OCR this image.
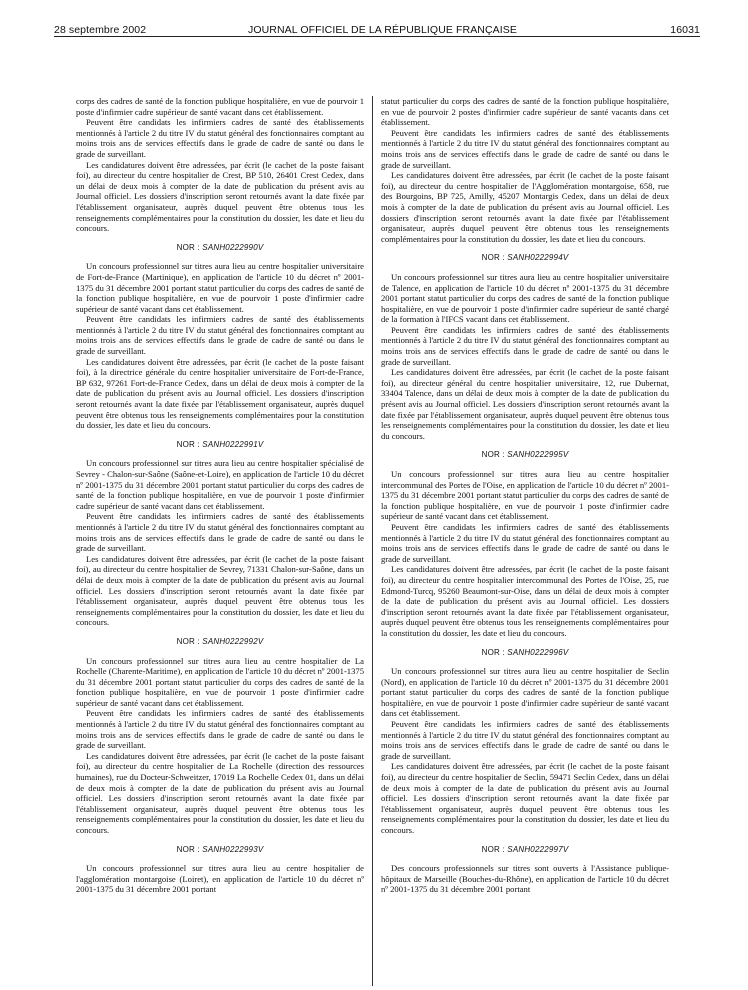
28 septembre 2002	JOURNAL OFFICIEL DE LA RÉPUBLIQUE FRANÇAISE	16031

corps des cadres de santé de la fonction publique hospitalière, en vue de pourvoir 1 poste d'infirmier cadre supérieur de santé vacant dans cet établissement.

Peuvent être candidats les infirmiers cadres de santé des établissements mentionnés à l'article 2 du titre IV du statut général des fonctionnaires comptant au moins trois ans de services effectifs dans le grade de cadre de santé ou dans le grade de surveillant.

Les candidatures doivent être adressées, par écrit (le cachet de la poste faisant foi), au directeur du centre hospitalier de Crest, BP 510, 26401 Crest Cedex, dans un délai de deux mois à compter de la date de publication du présent avis au Journal officiel. Les dossiers d'inscription seront retournés avant la date fixée par l'établissement organisateur, auprès duquel peuvent être obtenus tous les renseignements complémentaires pour la constitution du dossier, les date et lieu du concours.

NOR : SANH0222990V

Un concours professionnel sur titres aura lieu au centre hospitalier universitaire de Fort-de-France (Martinique), en application de l'article 10 du décret nº 2001-1375 du 31 décembre 2001 portant statut particulier du corps des cadres de santé de la fonction publique hospitalière, en vue de pourvoir 1 poste d'infirmier cadre supérieur de santé vacant dans cet établissement.

Peuvent être candidats les infirmiers cadres de santé des établissements mentionnés à l'article 2 du titre IV du statut général des fonctionnaires comptant au moins trois ans de services effectifs dans le grade de cadre de santé ou dans le grade de surveillant.

Les candidatures doivent être adressées, par écrit (le cachet de la poste faisant foi), à la directrice générale du centre hospitalier universitaire de Fort-de-France, BP 632, 97261 Fort-de-France Cedex, dans un délai de deux mois à compter de la date de publication du présent avis au Journal officiel. Les dossiers d'inscription seront retournés avant la date fixée par l'établissement organisateur, auprès duquel peuvent être obtenus tous les renseignements complémentaires pour la constitution du dossier, les date et lieu du concours.

NOR : SANH0222991V

Un concours professionnel sur titres aura lieu au centre hospitalier spécialisé de Sevrey - Chalon-sur-Saône (Saône-et-Loire), en application de l'article 10 du décret nº 2001-1375 du 31 décembre 2001 portant statut particulier du corps des cadres de santé de la fonction publique hospitalière, en vue de pourvoir 1 poste d'infirmier cadre supérieur de santé vacant dans cet établissement.

Peuvent être candidats les infirmiers cadres de santé des établissements mentionnés à l'article 2 du titre IV du statut général des fonctionnaires comptant au moins trois ans de services effectifs dans le grade de cadre de santé ou dans le grade de surveillant.

Les candidatures doivent être adressées, par écrit (le cachet de la poste faisant foi), au directeur du centre hospitalier de Sevrey, 71331 Chalon-sur-Saône, dans un délai de deux mois à compter de la date de publication du présent avis au Journal officiel. Les dossiers d'inscription seront retournés avant la date fixée par l'établissement organisateur, auprès duquel peuvent être obtenus tous les renseignements complémentaires pour la constitution du dossier, les date et lieu du concours.

NOR : SANH0222992V

Un concours professionnel sur titres aura lieu au centre hospitalier de La Rochelle (Charente-Maritime), en application de l'article 10 du décret nº 2001-1375 du 31 décembre 2001 portant statut particulier du corps des cadres de santé de la fonction publique hospitalière, en vue de pourvoir 1 poste d'infirmier cadre supérieur de santé vacant dans cet établissement.

Peuvent être candidats les infirmiers cadres de santé des établissements mentionnés à l'article 2 du titre IV du statut général des fonctionnaires comptant au moins trois ans de services effectifs dans le grade de cadre de santé ou dans le grade de surveillant.

Les candidatures doivent être adressées, par écrit (le cachet de la poste faisant foi), au directeur du centre hospitalier de La Rochelle (direction des ressources humaines), rue du Docteur-Schweitzer, 17019 La Rochelle Cedex 01, dans un délai de deux mois à compter de la date de publication du présent avis au Journal officiel. Les dossiers d'inscription seront retournés avant la date fixée par l'établissement organisateur, auprès duquel peuvent être obtenus tous les renseignements complémentaires pour la constitution du dossier, les date et lieu du concours.

NOR : SANH0222993V

Un concours professionnel sur titres aura lieu au centre hospitalier de l'agglomération montargoise (Loiret), en application de l'article 10 du décret nº 2001-1375 du 31 décembre 2001 portant

statut particulier du corps des cadres de santé de la fonction publique hospitalière, en vue de pourvoir 2 postes d'infirmier cadre supérieur de santé vacants dans cet établissement.

Peuvent être candidats les infirmiers cadres de santé des établissements mentionnés à l'article 2 du titre IV du statut général des fonctionnaires comptant au moins trois ans de services effectifs dans le grade de cadre de santé ou dans le grade de surveillant.

Les candidatures doivent être adressées, par écrit (le cachet de la poste faisant foi), au directeur du centre hospitalier de l'Agglomération montargoise, 658, rue des Bourgoins, BP 725, Amilly, 45207 Montargis Cedex, dans un délai de deux mois à compter de la date de publication du présent avis au Journal officiel. Les dossiers d'inscription seront retournés avant la date fixée par l'établissement organisateur, auprès duquel peuvent être obtenus tous les renseignements complémentaires pour la constitution du dossier, les date et lieu du concours.

NOR : SANH0222994V

Un concours professionnel sur titres aura lieu au centre hospitalier universitaire de Talence, en application de l'article 10 du décret nº 2001-1375 du 31 décembre 2001 portant statut particulier du corps des cadres de santé de la fonction publique hospitalière, en vue de pourvoir 1 poste d'infirmier cadre supérieur de santé chargé de la formation à l'IFCS vacant dans cet établissement.

Peuvent être candidats les infirmiers cadres de santé des établissements mentionnés à l'article 2 du titre IV du statut général des fonctionnaires comptant au moins trois ans de services effectifs dans le grade de cadre de santé ou dans le grade de surveillant.

Les candidatures doivent être adressées, par écrit (le cachet de la poste faisant foi), au directeur général du centre hospitalier universitaire, 12, rue Dubernat, 33404 Talence, dans un délai de deux mois à compter de la date de publication du présent avis au Journal officiel. Les dossiers d'inscription seront retournés avant la date fixée par l'établissement organisateur, auprès duquel peuvent être obtenus tous les renseignements complémentaires pour la constitution du dossier, les date et lieu du concours.

NOR : SANH0222995V

Un concours professionnel sur titres aura lieu au centre hospitalier intercommunal des Portes de l'Oise, en application de l'article 10 du décret nº 2001-1375 du 31 décembre 2001 portant statut particulier du corps des cadres de santé de la fonction publique hospitalière, en vue de pourvoir 1 poste d'infirmier cadre supérieur de santé vacant dans cet établissement.

Peuvent être candidats les infirmiers cadres de santé des établissements mentionnés à l'article 2 du titre IV du statut général des fonctionnaires comptant au moins trois ans de services effectifs dans le grade de cadre de santé ou dans le grade de surveillant.

Les candidatures doivent être adressées, par écrit (le cachet de la poste faisant foi), au directeur du centre hospitalier intercommunal des Portes de l'Oise, 25, rue Edmond-Turcq, 95260 Beaumont-sur-Oise, dans un délai de deux mois à compter de la date de publication du présent avis au Journal officiel. Les dossiers d'inscription seront retournés avant la date fixée par l'établissement organisateur, auprès duquel peuvent être obtenus tous les renseignements complémentaires pour la constitution du dossier, les date et lieu du concours.

NOR : SANH0222996V

Un concours professionnel sur titres aura lieu au centre hospitalier de Seclin (Nord), en application de l'article 10 du décret nº 2001-1375 du 31 décembre 2001 portant statut particulier du corps des cadres de santé de la fonction publique hospitalière, en vue de pourvoir 1 poste d'infirmier cadre supérieur de santé vacant dans cet établissement.

Peuvent être candidats les infirmiers cadres de santé des établissements mentionnés à l'article 2 du titre IV du statut général des fonctionnaires comptant au moins trois ans de services effectifs dans le grade de cadre de santé ou dans le grade de surveillant.

Les candidatures doivent être adressées, par écrit (le cachet de la poste faisant foi), au directeur du centre hospitalier de Seclin, 59471 Seclin Cedex, dans un délai de deux mois à compter de la date de publication du présent avis au Journal officiel. Les dossiers d'inscription seront retournés avant la date fixée par l'établissement organisateur, auprès duquel peuvent être obtenus tous les renseignements complémentaires pour la constitution du dossier, les date et lieu du concours.

NOR : SANH0222997V

Des concours professionnels sur titres sont ouverts à l'Assistance publique-hôpitaux de Marseille (Bouches-du-Rhône), en application de l'article 10 du décret nº 2001-1375 du 31 décembre 2001 portant
